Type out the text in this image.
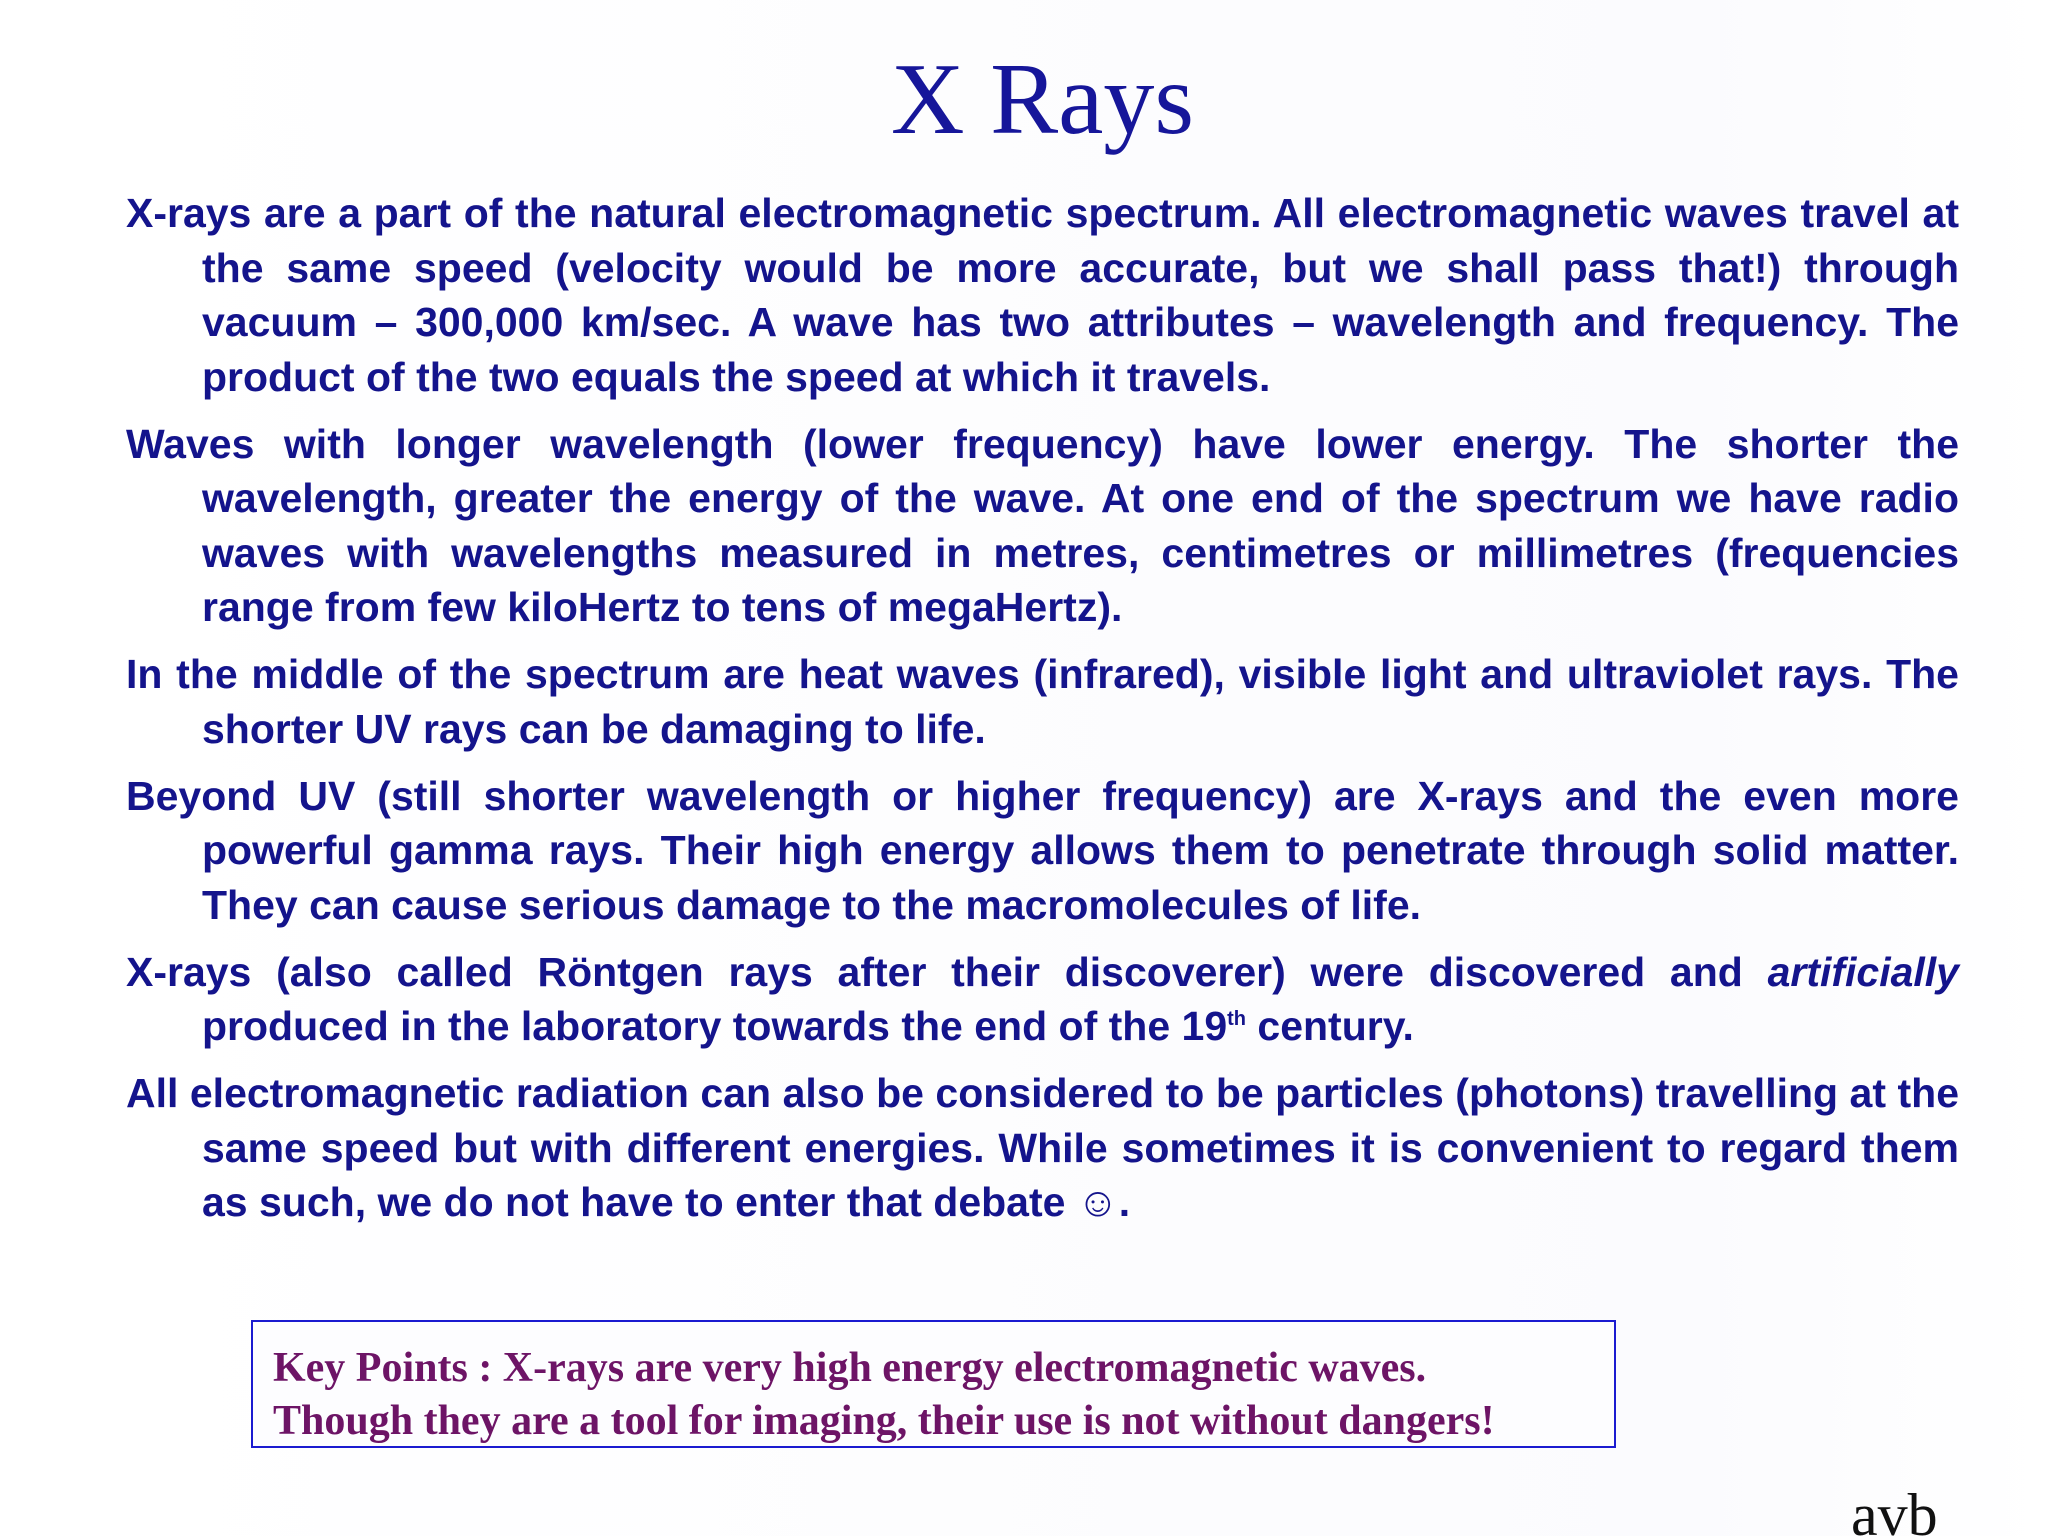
X Rays

X-rays are a part of the natural electromagnetic spectrum. All electromagnetic waves travel at the same speed (velocity would be more accurate, but we shall pass that!) through vacuum – 300,000 km/sec. A wave has two attributes – wavelength and frequency. The product of the two equals the speed at which it travels.

Waves with longer wavelength (lower frequency) have lower energy. The shorter the wavelength, greater the energy of the wave. At one end of the spectrum we have radio waves with wavelengths measured in metres, centimetres or millimetres (frequencies range from few kiloHertz to tens of megaHertz).

In the middle of the spectrum are heat waves (infrared), visible light and ultraviolet rays. The shorter UV rays can be damaging to life.

Beyond UV (still shorter wavelength or higher frequency) are X-rays and the even more powerful gamma rays. Their high energy allows them to penetrate through solid matter. They can cause serious damage to the macromolecules of life.

X-rays (also called Röntgen rays after their discoverer) were discovered and artificially produced in the laboratory towards the end of the 19th century.

All electromagnetic radiation can also be considered to be particles (photons) travelling at the same speed but with different energies. While sometimes it is convenient to regard them as such, we do not have to enter that debate ☺.

Key Points : X-rays are very high energy electromagnetic waves.

Though they are a tool for imaging, their use is not without dangers!

avb
